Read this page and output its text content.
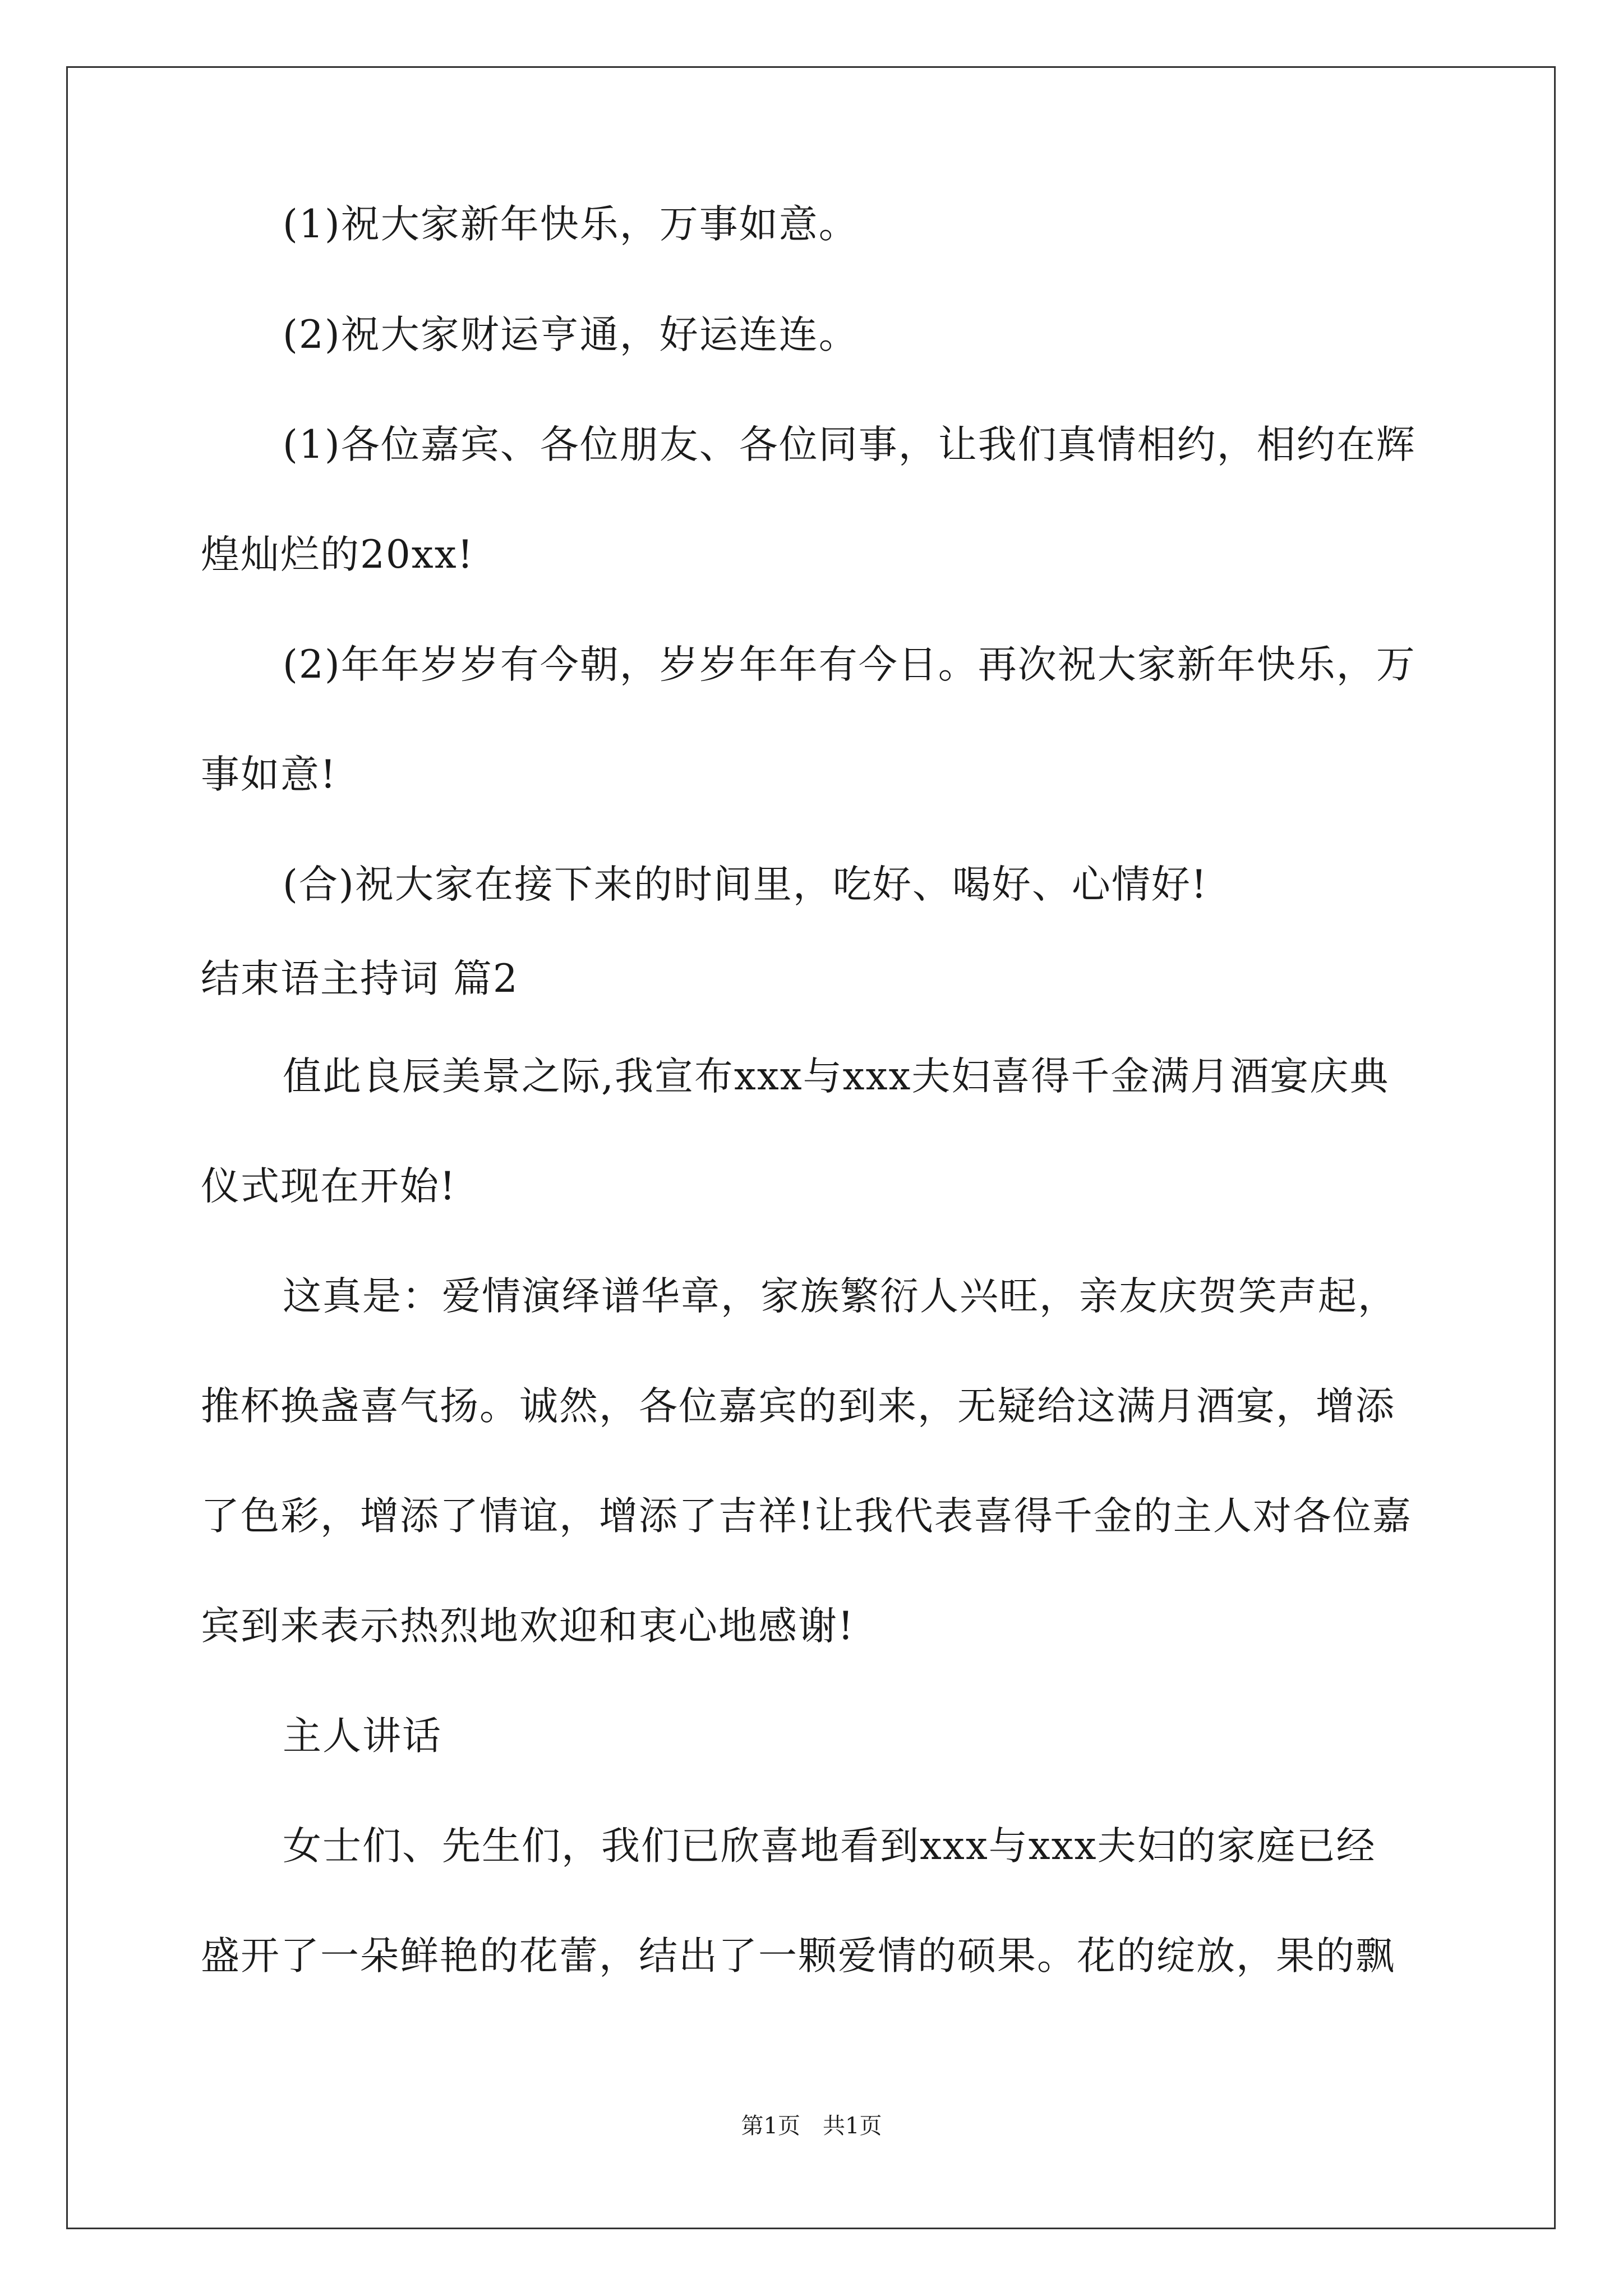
(1)祝大家新年快乐，万事如意。
(2)祝大家财运亨通，好运连连。
(1)各位嘉宾、各位朋友、各位同事，让我们真情相约，相约在辉
煌灿烂的20xx!
(2)年年岁岁有今朝，岁岁年年有今日。再次祝大家新年快乐，万
事如意!
(合)祝大家在接下来的时间里，吃好、喝好、心情好!
结束语主持词 篇2
值此良辰美景之际,我宣布xxx与xxx夫妇喜得千金满月酒宴庆典
仪式现在开始!
这真是：爱情演绎谱华章，家族繁衍人兴旺，亲友庆贺笑声起，
推杯换盏喜气扬。诚然，各位嘉宾的到来，无疑给这满月酒宴，增添
了色彩，增添了情谊，增添了吉祥!让我代表喜得千金的主人对各位嘉
宾到来表示热烈地欢迎和衷心地感谢!
主人讲话
女士们、先生们，我们已欣喜地看到xxx与xxx夫妇的家庭已经
盛开了一朵鲜艳的花蕾，结出了一颗爱情的硕果。花的绽放，果的飘
第1页　共1页
